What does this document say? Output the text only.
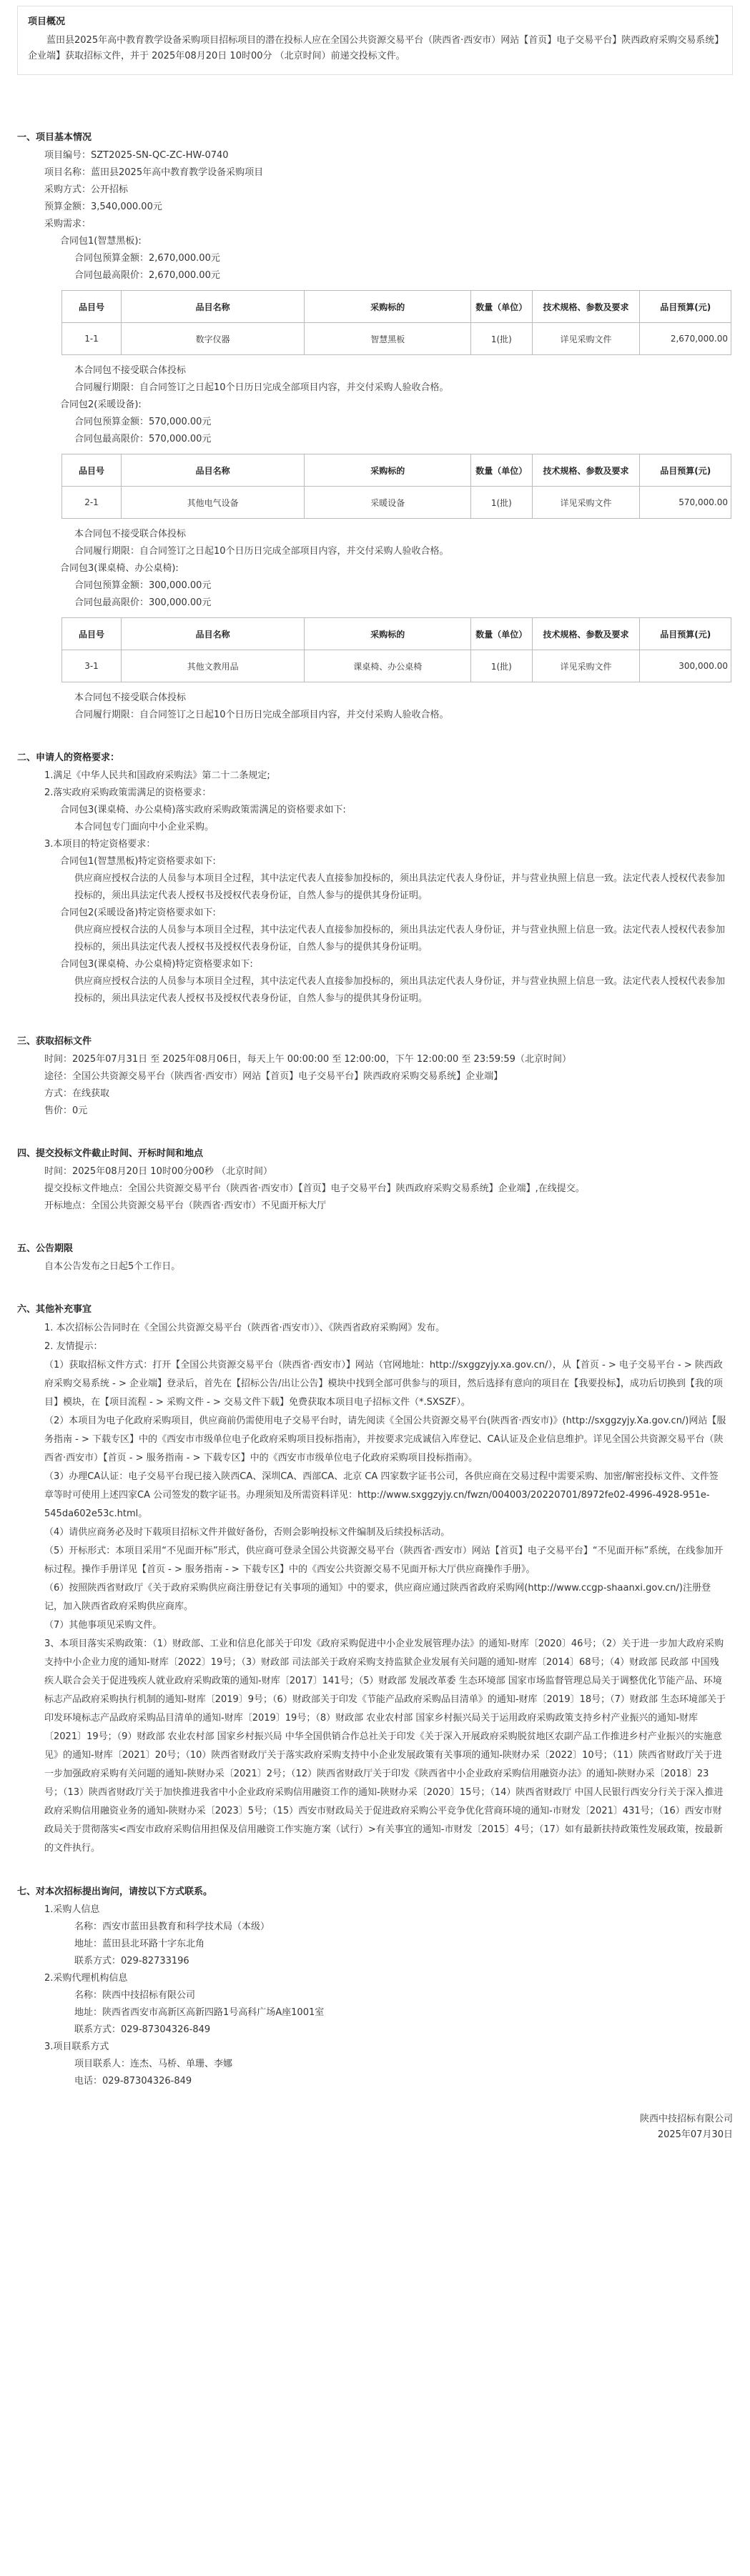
项目概况

蓝田县2025年高中教育教学设备采购项目招标项目的潜在投标人应在全国公共资源交易平台（陕西省·西安市）网站【首页】电子交易平台】陕西政府采购交易系统】企业端】获取招标文件，并于 2025年08月20日 10时00分 （北京时间）前递交投标文件。

一、项目基本情况
项目编号：SZT2025-SN-QC-ZC-HW-0740
项目名称：蓝田县2025年高中教育教学设备采购项目
采购方式：公开招标
预算金额：3,540,000.00元
采购需求：
合同包1(智慧黑板):
合同包预算金额：2,670,000.00元
合同包最高限价：2,670,000.00元
品目号	品目名称	采购标的	数量（单位）	技术规格、参数及要求	品目预算(元)
1-1	数字仪器	智慧黑板	1(批)	详见采购文件	2,670,000.00
本合同包不接受联合体投标
合同履行期限：自合同签订之日起10个日历日完成全部项目内容，并交付采购人验收合格。
合同包2(采暖设备):
合同包预算金额：570,000.00元
合同包最高限价：570,000.00元
品目号	品目名称	采购标的	数量（单位）	技术规格、参数及要求	品目预算(元)
2-1	其他电气设备	采暖设备	1(批)	详见采购文件	570,000.00
本合同包不接受联合体投标
合同履行期限：自合同签订之日起10个日历日完成全部项目内容，并交付采购人验收合格。
合同包3(课桌椅、办公桌椅):
合同包预算金额：300,000.00元
合同包最高限价：300,000.00元
品目号	品目名称	采购标的	数量（单位）	技术规格、参数及要求	品目预算(元)
3-1	其他文教用品	课桌椅、办公桌椅	1(批)	详见采购文件	300,000.00
本合同包不接受联合体投标
合同履行期限：自合同签订之日起10个日历日完成全部项目内容，并交付采购人验收合格。
二、申请人的资格要求：
1.满足《中华人民共和国政府采购法》第二十二条规定;
2.落实政府采购政策需满足的资格要求：
合同包3(课桌椅、办公桌椅)落实政府采购政策需满足的资格要求如下:
本合同包专门面向中小企业采购。
3.本项目的特定资格要求：
合同包1(智慧黑板)特定资格要求如下:
供应商应授权合法的人员参与本项目全过程，其中法定代表人直接参加投标的，须出具法定代表人身份证，并与营业执照上信息一致。法定代表人授权代表参加投标的，须出具法定代表人授权书及授权代表身份证，自然人参与的提供其身份证明。
合同包2(采暖设备)特定资格要求如下:
供应商应授权合法的人员参与本项目全过程，其中法定代表人直接参加投标的，须出具法定代表人身份证，并与营业执照上信息一致。法定代表人授权代表参加投标的，须出具法定代表人授权书及授权代表身份证，自然人参与的提供其身份证明。
合同包3(课桌椅、办公桌椅)特定资格要求如下:
供应商应授权合法的人员参与本项目全过程，其中法定代表人直接参加投标的，须出具法定代表人身份证，并与营业执照上信息一致。法定代表人授权代表参加投标的，须出具法定代表人授权书及授权代表身份证，自然人参与的提供其身份证明。
三、获取招标文件
时间：2025年07月31日 至 2025年08月06日，每天上午 00:00:00 至 12:00:00，下午 12:00:00 至 23:59:59（北京时间）
途径：全国公共资源交易平台（陕西省·西安市）网站【首页】电子交易平台】陕西政府采购交易系统】企业端】
方式：在线获取
售价：0元
四、提交投标文件截止时间、开标时间和地点
时间：2025年08月20日 10时00分00秒 （北京时间）
提交投标文件地点：全国公共资源交易平台（陕西省·西安市）【首页】电子交易平台】陕西政府采购交易系统】企业端】,在线提交。
开标地点：全国公共资源交易平台（陕西省·西安市）不见面开标大厅
五、公告期限
自本公告发布之日起5个工作日。
六、其他补充事宜
1. 本次招标公告同时在《全国公共资源交易平台（陕西省·西安市）》、《陕西省政府采购网》发布。
2. 友情提示：
（1）获取招标文件方式：打开【全国公共资源交易平台（陕西省·西安市）】网站（官网地址：http://sxggzyjy.xa.gov.cn/），从【首页 - > 电子交易平台 - > 陕西政府采购交易系统 - > 企业端】登录后，首先在【招标公告/出让公告】模块中找到全部可供参与的项目，然后选择有意向的项目在【我要投标】，成功后切换到【我的项目】模块，在【项目流程 - > 采购文件 - > 交易文件下载】免费获取本项目电子招标文件（*.SXSZF）。
（2）本项目为电子化政府采购项目，供应商前仍需使用电子交易平台时，请先阅读《全国公共资源交易平台(陕西省·西安市)》(http://sxggzyjy.Xa.gov.cn/)网站【服务指南 - > 下载专区】中的《西安市市级单位电子化政府采购项目投标指南》，并按要求完成诚信入库登记、CA认证及企业信息维护。详见全国公共资源交易平台（陕西省·西安市）【首页 - > 服务指南 - > 下载专区】中的《西安市市级单位电子化政府采购项目投标指南》。
（3）办理CA认证：电子交易平台现已接入陕西CA、深圳CA、西部CA、北京 CA 四家数字证书公司，各供应商在交易过程中需要采购、加密/解密投标文件、文件签章等时可使用上述四家CA 公司签发的数字证书。办理须知及所需资料详见：http://www.sxggzyjy.cn/fwzn/004003/20220701/8972fe02-4996-4928-951e-545da602e53c.html。
（4）请供应商务必及时下载项目招标文件并做好备份，否则会影响投标文件编制及后续投标活动。
（5）开标形式：本项目采用“不见面开标”形式，供应商可登录全国公共资源交易平台（陕西省·西安市）网站【首页】电子交易平台】“不见面开标”系统，在线参加开标过程。操作手册详见【首页 - > 服务指南 - > 下载专区】中的《西安公共资源交易不见面开标大厅供应商操作手册》。
（6）按照陕西省财政厅《关于政府采购供应商注册登记有关事项的通知》中的要求，供应商应通过陕西省政府采购网(http://www.ccgp-shaanxi.gov.cn/)注册登记，加入陕西省政府采购供应商库。
（7）其他事项见采购文件。
3、本项目落实采购政策：（1）财政部、工业和信息化部关于印发《政府采购促进中小企业发展管理办法》的通知-财库〔2020〕46号；（2）关于进一步加大政府采购支持中小企业力度的通知-财库〔2022〕19号；（3）财政部 司法部关于政府采购支持监狱企业发展有关问题的通知-财库〔2014〕68号；（4）财政部 民政部 中国残疾人联合会关于促进残疾人就业政府采购政策的通知-财库〔2017〕141号；（5）财政部 发展改革委 生态环境部 国家市场监督管理总局关于调整优化节能产品、环境标志产品政府采购执行机制的通知-财库〔2019〕9号；（6）财政部关于印发《节能产品政府采购品目清单》的通知-财库〔2019〕18号；（7）财政部 生态环境部关于印发环境标志产品政府采购品目清单的通知-财库〔2019〕19号；（8）财政部 农业农村部 国家乡村振兴局关于运用政府采购政策支持乡村产业振兴的通知-财库〔2021〕19号；（9）财政部 农业农村部 国家乡村振兴局 中华全国供销合作总社关于印发《关于深入开展政府采购脱贫地区农副产品工作推进乡村产业振兴的实施意见》的通知-财库〔2021〕20号；（10）陕西省财政厅关于落实政府采购支持中小企业发展政策有关事项的通知-陕财办采〔2022〕10号；（11）陕西省财政厅关于进一步加强政府采购有关问题的通知-陕财办采〔2021〕2号；（12）陕西省财政厅关于印发《陕西省中小企业政府采购信用融资办法》的通知-陕财办采〔2018〕23号；（13）陕西省财政厅关于加快推进我省中小企业政府采购信用融资工作的通知-陕财办采〔2020〕15号；（14）陕西省财政厅 中国人民银行西安分行关于深入推进政府采购信用融资业务的通知-陕财办采〔2023〕5号；（15）西安市财政局关于促进政府采购公平竞争优化营商环境的通知-市财发〔2021〕431号；（16）西安市财政局关于贯彻落实<西安市政府采购信用担保及信用融资工作实施方案（试行）>有关事宜的通知-市财发〔2015〕4号；（17）如有最新扶持政策性发展政策，按最新的文件执行。
七、对本次招标提出询问，请按以下方式联系。
1.采购人信息
名称：西安市蓝田县教育和科学技术局（本级）
地址：蓝田县北环路十字东北角
联系方式：029-82733196
2.采购代理机构信息
名称：陕西中技招标有限公司
地址：陕西省西安市高新区高新四路1号高科广场A座1001室
联系方式：029-87304326-849
3.项目联系方式
项目联系人：连杰、马桥、单珊、李娜
电话：029-87304326-849
陕西中技招标有限公司
2025年07月30日
